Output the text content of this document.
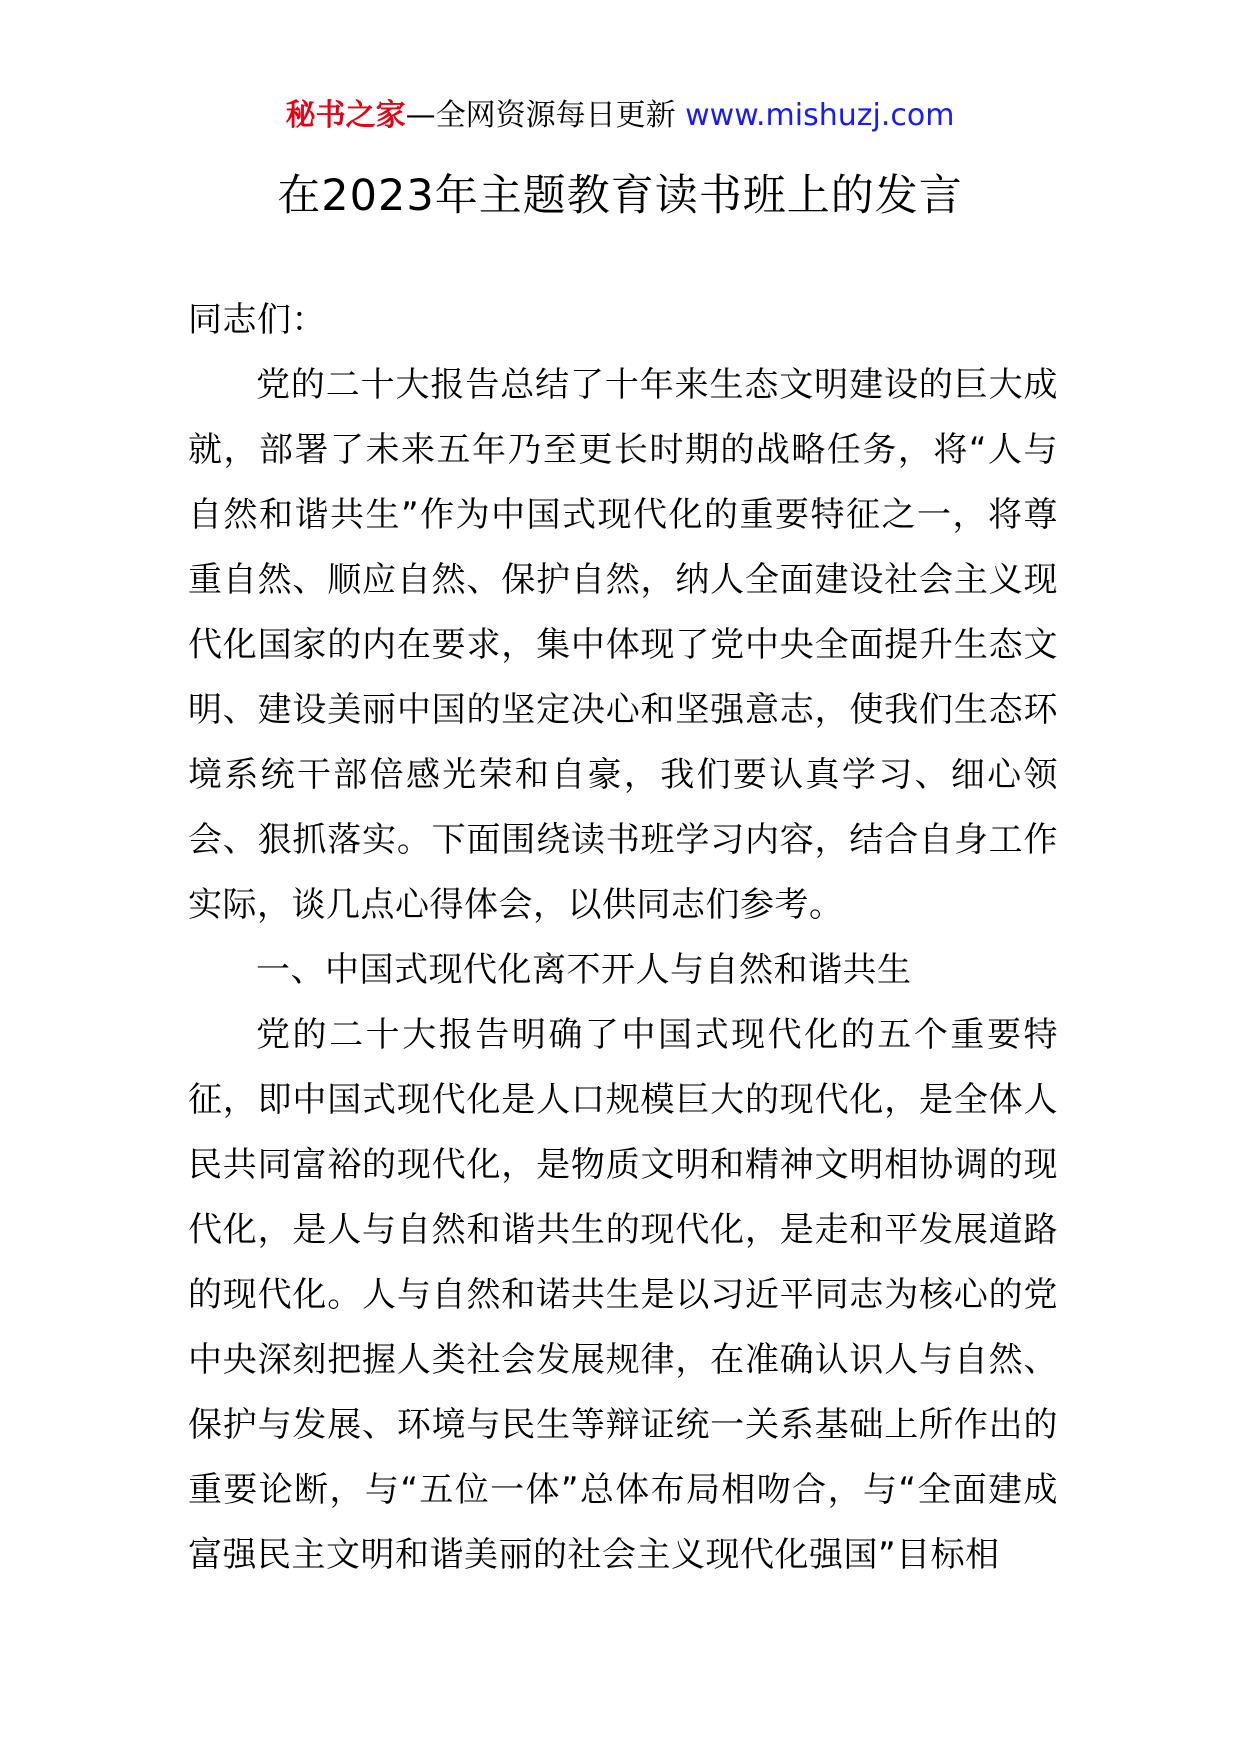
秘书之家—全网资源每日更新 www.mishuzj.com
在2023年主题教育读书班上的发言

同志们：

党的二十大报告总结了十年来生态文明建设的巨大成就，部署了未来五年乃至更长时期的战略任务，将“人与自然和谐共生”作为中国式现代化的重要特征之一，将尊重自然、顺应自然、保护自然，纳人全面建设社会主义现代化国家的内在要求，集中体现了党中央全面提升生态文明、建设美丽中国的坚定决心和坚强意志，使我们生态环境系统干部倍感光荣和自豪，我们要认真学习、细心领会、狠抓落实。下面围绕读书班学习内容，结合自身工作实际，谈几点心得体会，以供同志们参考。

一、中国式现代化离不开人与自然和谐共生

党的二十大报告明确了中国式现代化的五个重要特征，即中国式现代化是人口规模巨大的现代化，是全体人民共同富裕的现代化，是物质文明和精神文明相协调的现代化，是人与自然和谐共生的现代化，是走和平发展道路的现代化。人与自然和诺共生是以习近平同志为核心的党中央深刻把握人类社会发展规律，在准确认识人与自然、保护与发展、环境与民生等辩证统一关系基础上所作出的重要论断，与“五位一体”总体布局相吻合，与“全面建成富强民主文明和谐美丽的社会主义现代化强国”目标相
